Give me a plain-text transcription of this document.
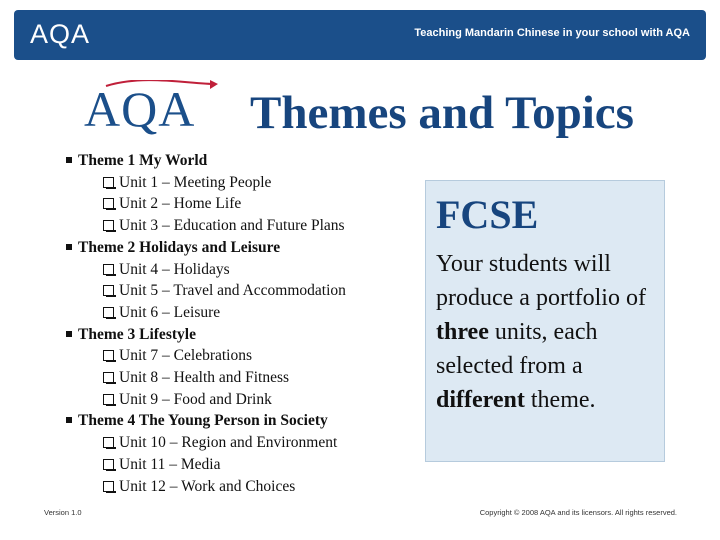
AQA	Teaching Mandarin Chinese in your school with AQA
AQA Themes and Topics
Theme 1 My World
Unit 1 – Meeting People
Unit 2 – Home Life
Unit 3 – Education and Future Plans
Theme 2 Holidays and Leisure
Unit 4 – Holidays
Unit 5 – Travel and Accommodation
Unit 6 – Leisure
Theme 3 Lifestyle
Unit 7 – Celebrations
Unit 8 – Health and Fitness
Unit 9 – Food and Drink
Theme 4 The Young Person in Society
Unit 10 – Region and Environment
Unit 11 – Media
Unit 12 – Work and Choices
FCSE
Your students will produce a portfolio of three units, each selected from a different theme.
Version 1.0	Copyright © 2008 AQA and its licensors. All rights reserved.
